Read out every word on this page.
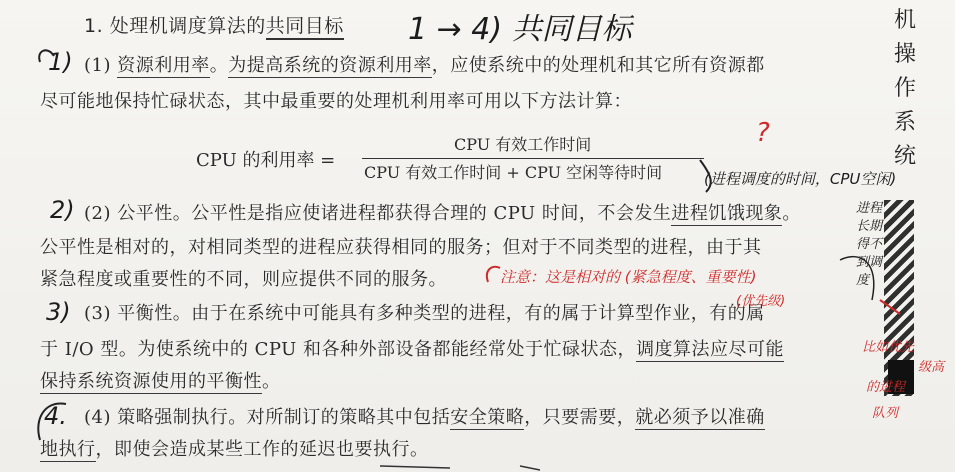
1. 处理机调度算法的共同目标	机
操
作
系
统
(1) 资源利用率。为提高系统的资源利用率，应使系统中的处理机和其它所有资源都
尽可能地保持忙碌状态，其中最重要的处理机利用率可用以下方法计算：
CPU 的利用率 =
CPU 有效工作时间
CPU 有效工作时间 + CPU 空闲等待时间
(2) 公平性。公平性是指应使诸进程都获得合理的 CPU 时间，不会发生进程饥饿现象。
公平性是相对的，对相同类型的进程应获得相同的服务；但对于不同类型的进程，由于其
紧急程度或重要性的不同，则应提供不同的服务。
(3) 平衡性。由于在系统中可能具有多种类型的进程，有的属于计算型作业，有的属
于 I/O 型。为使系统中的 CPU 和各种外部设备都能经常处于忙碌状态，调度算法应尽可能
保持系统资源使用的平衡性。
(4) 策略强制执行。对所制订的策略其中包括安全策略，只要需要，就必须予以准确
地执行，即使会造成某些工作的延迟也要执行。
1 → 4) 共同目标
1)
2)
3)
4.
?
(进程调度的时间，CPU空闲)
进程长期得不到调度
注意：这是相对的 (紧急程度、重要性)
(优先级)
比如优先
级高
的进程
队列
